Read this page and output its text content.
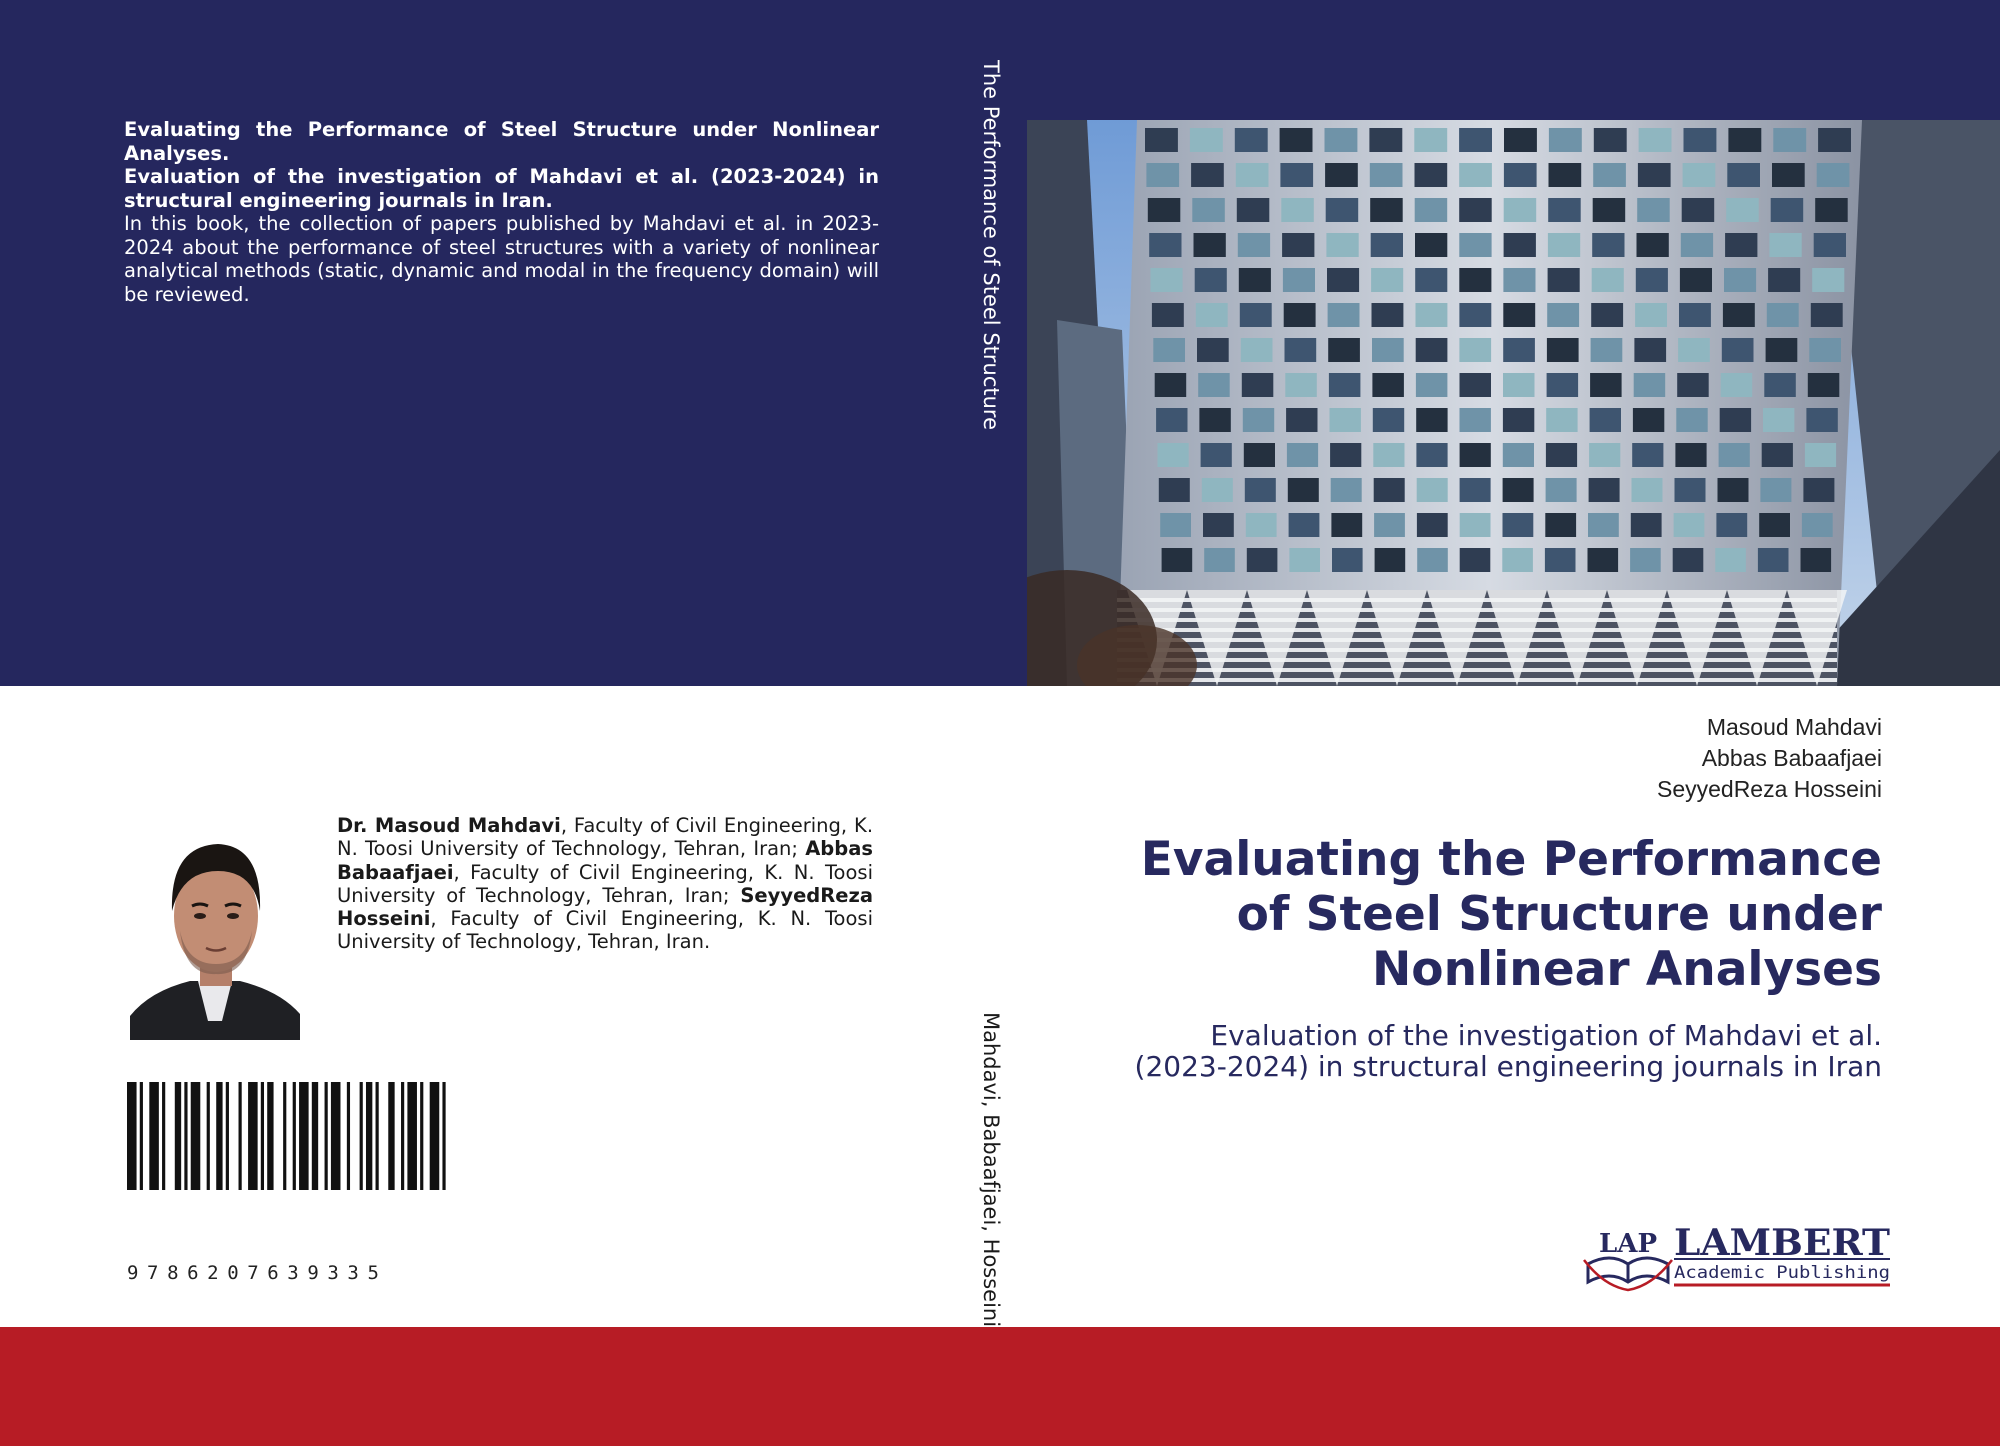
Evaluating the Performance of Steel Structure under Nonlinear Analyses.

Evaluation of the investigation of Mahdavi et al. (2023-2024) in structural engineering journals in Iran.

In this book, the collection of papers published by Mahdavi et al. in 2023-2024 about the performance of steel structures with a variety of nonlinear analytical methods (static, dynamic and modal in the frequency domain) will be reviewed.	The Performance of Steel Structure
Mahdavi, Babaafjaei, Hosseini
Masoud Mahdavi
Abbas Babaafjaei
SeyyedReza Hosseini
Evaluating the Performance
of Steel Structure under
Nonlinear Analyses
Evaluation of the investigation of Mahdavi et al.
(2023-2024) in structural engineering journals in Iran
Dr. Masoud Mahdavi, Faculty of Civil Engineering, K. N. Toosi University of Technology, Tehran, Iran; Abbas Babaafjaei, Faculty of Civil Engineering, K. N. Toosi University of Technology, Tehran, Iran; SeyyedReza Hosseini, Faculty of Civil Engineering, K. N. Toosi University of Technology, Tehran, Iran.
9786207639335
LAP LAMBERT
Academic Publishing
